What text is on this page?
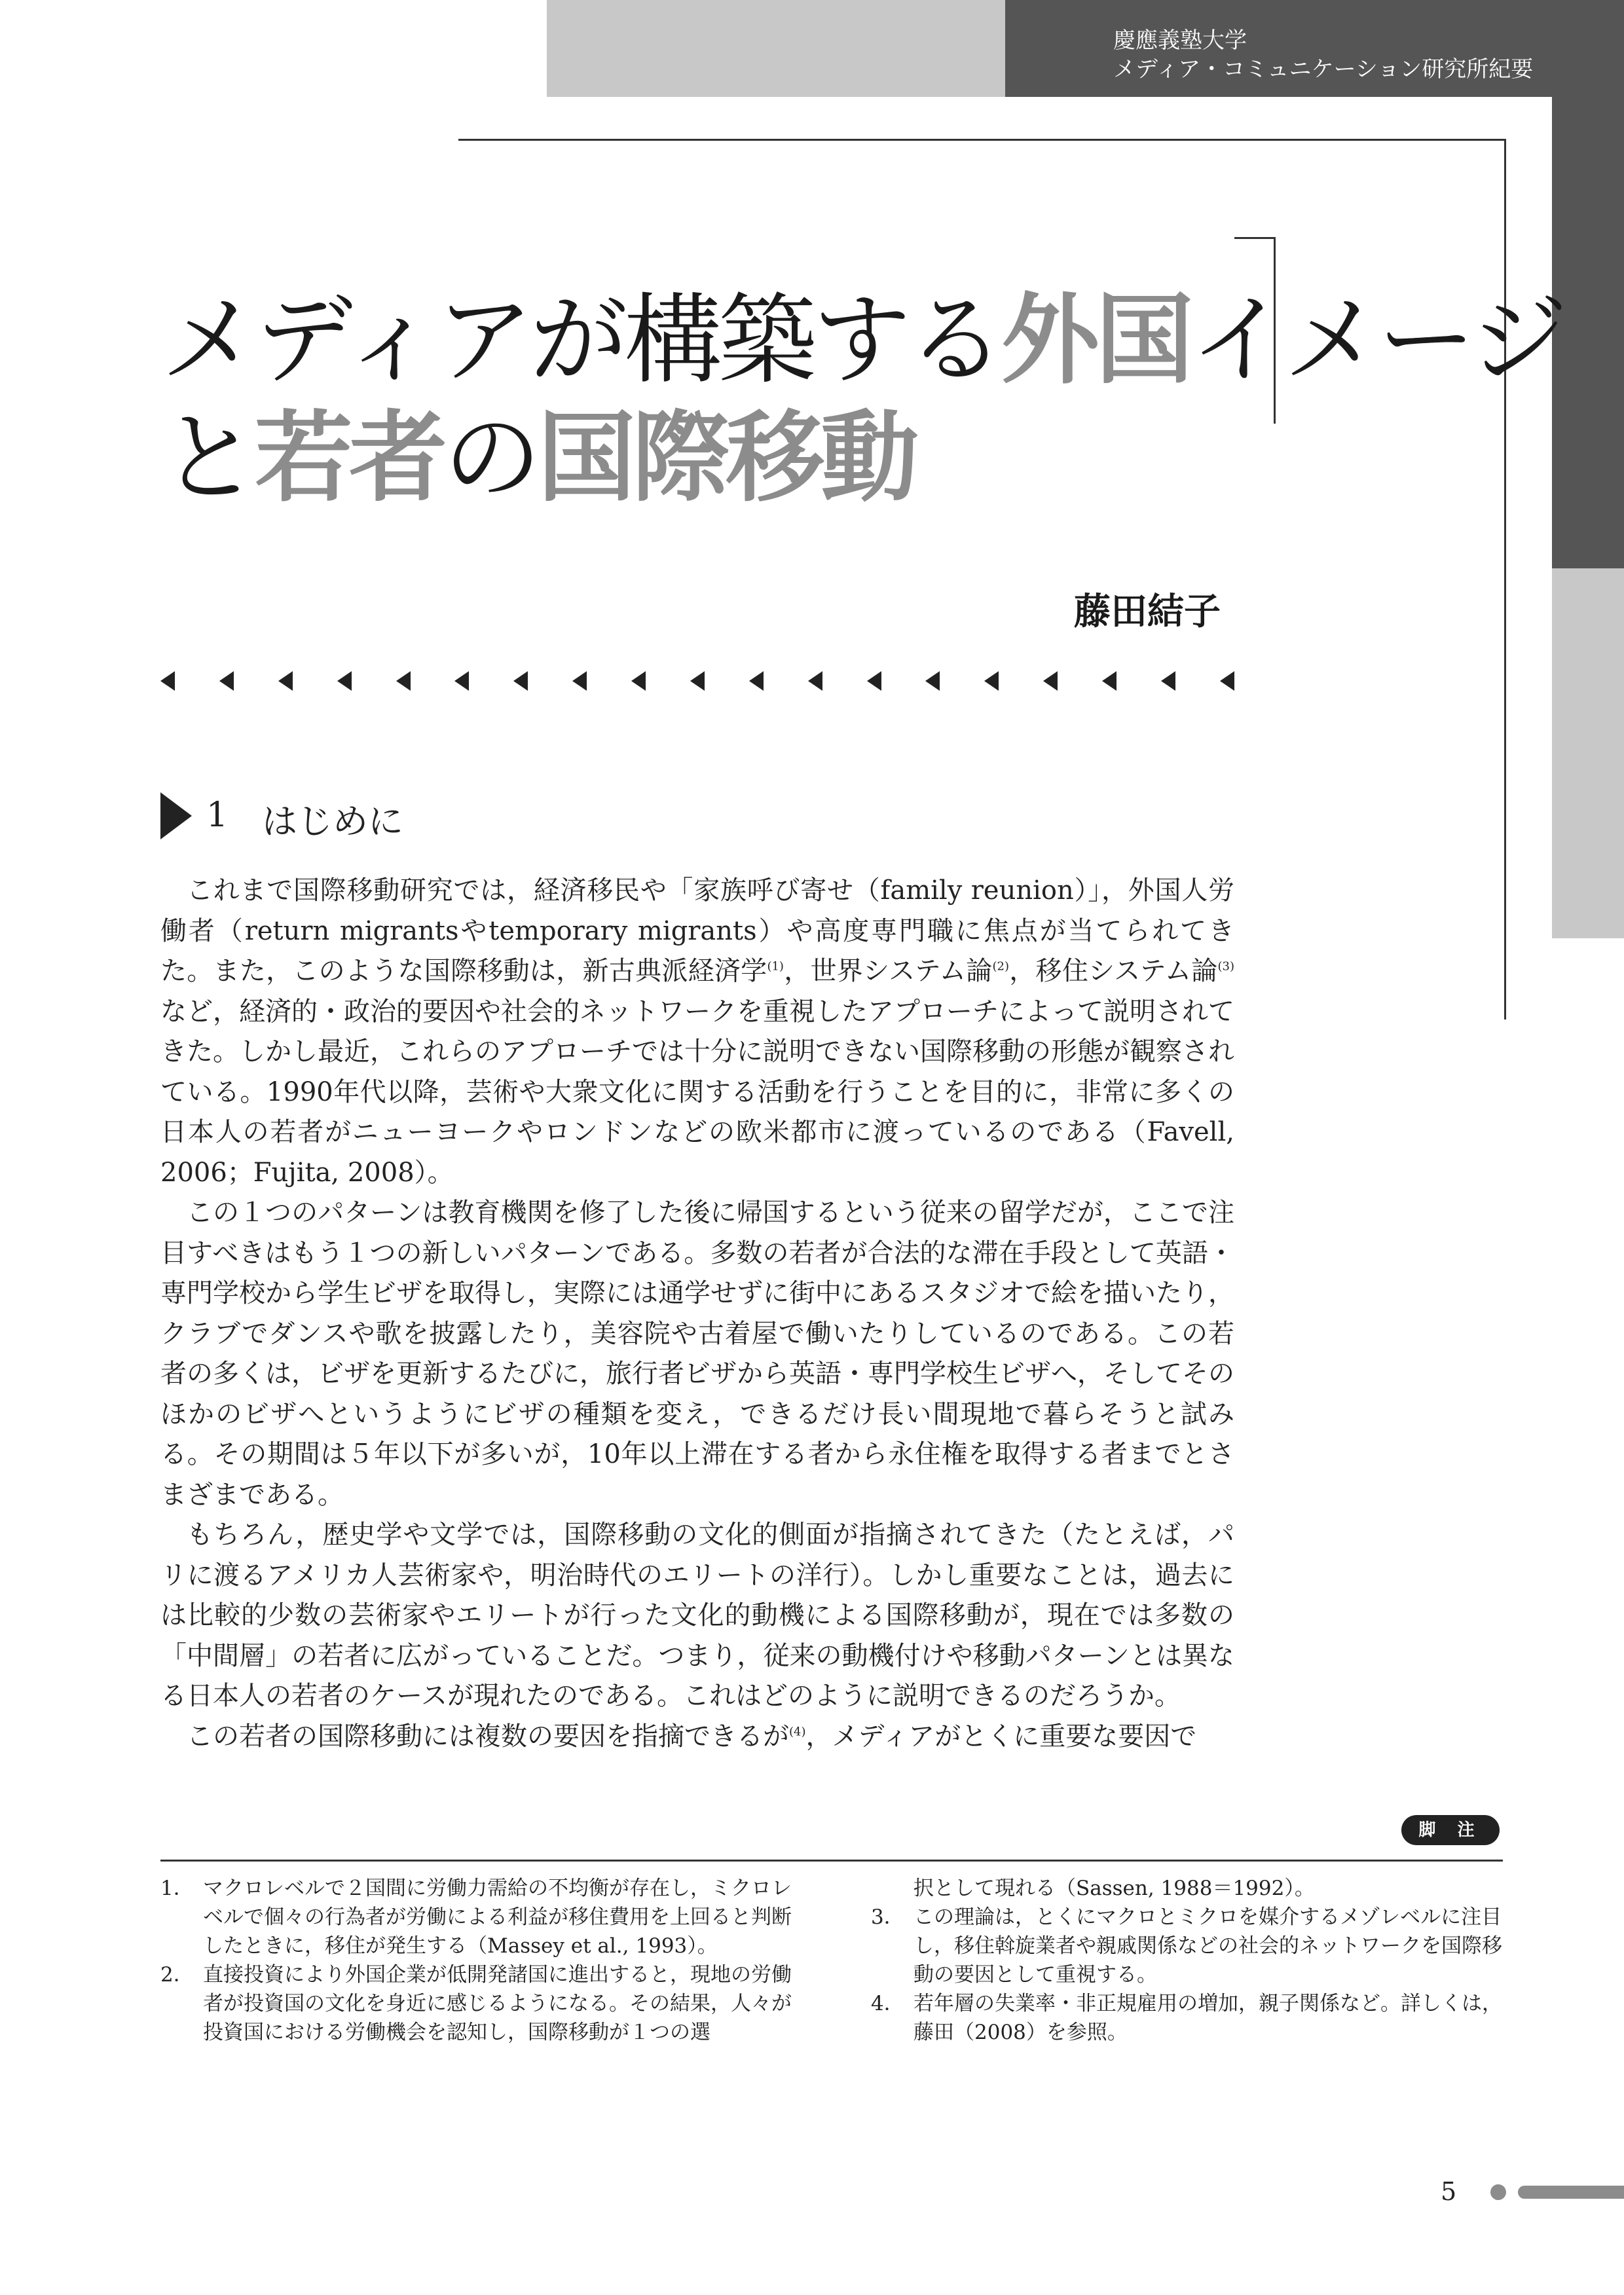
慶應義塾大学
メディア・コミュニケーション研究所紀要
メディアが構築する外国イメージ
と若者の国際移動
藤田結子
1 はじめに

これまで国際移動研究では，経済移民や「家族呼び寄せ（family reunion）」，外国人労働者（return migrantsやtemporary migrants）や高度専門職に焦点が当てられてきた。また，このような国際移動は，新古典派経済学$^{(1)}$，世界システム論$^{(2)}$，移住システム論$^{(3)}$など，経済的・政治的要因や社会的ネットワークを重視したアプローチによって説明されてきた。しかし最近，これらのアプローチでは十分に説明できない国際移動の形態が観察されている。1990年代以降，芸術や大衆文化に関する活動を行うことを目的に，非常に多くの日本人の若者がニューヨークやロンドンなどの欧米都市に渡っているのである（Favell, 2006；Fujita, 2008）。

この１つのパターンは教育機関を修了した後に帰国するという従来の留学だが，ここで注目すべきはもう１つの新しいパターンである。多数の若者が合法的な滞在手段として英語・専門学校から学生ビザを取得し，実際には通学せずに街中にあるスタジオで絵を描いたり，クラブでダンスや歌を披露したり，美容院や古着屋で働いたりしているのである。この若者の多くは，ビザを更新するたびに，旅行者ビザから英語・専門学校生ビザへ，そしてそのほかのビザへというようにビザの種類を変え，できるだけ長い間現地で暮らそうと試みる。その期間は５年以下が多いが，10年以上滞在する者から永住権を取得する者までとさまざまである。

もちろん，歴史学や文学では，国際移動の文化的側面が指摘されてきた（たとえば，パリに渡るアメリカ人芸術家や，明治時代のエリートの洋行）。しかし重要なことは，過去には比較的少数の芸術家やエリートが行った文化的動機による国際移動が，現在では多数の「中間層」の若者に広がっていることだ。つまり，従来の動機付けや移動パターンとは異なる日本人の若者のケースが現れたのである。これはどのように説明できるのだろうか。

この若者の国際移動には複数の要因を指摘できるが$^{(4)}$，メディアがとくに重要な要因で

脚 注

1． マクロレベルで２国間に労働力需給の不均衡が存在し，ミクロレベルで個々の行為者が労働による利益が移住費用を上回ると判断したときに，移住が発生する（Massey et al., 1993）。

2． 直接投資により外国企業が低開発諸国に進出すると，現地の労働者が投資国の文化を身近に感じるようになる。その結果，人々が投資国における労働機会を認知し，国際移動が１つの選

択として現れる（Sassen, 1988＝1992）。

3． この理論は，とくにマクロとミクロを媒介するメゾレベルに注目し，移住斡旋業者や親戚関係などの社会的ネットワークを国際移動の要因として重視する。

4． 若年層の失業率・非正規雇用の増加，親子関係など。詳しくは，藤田（2008）を参照。

5
